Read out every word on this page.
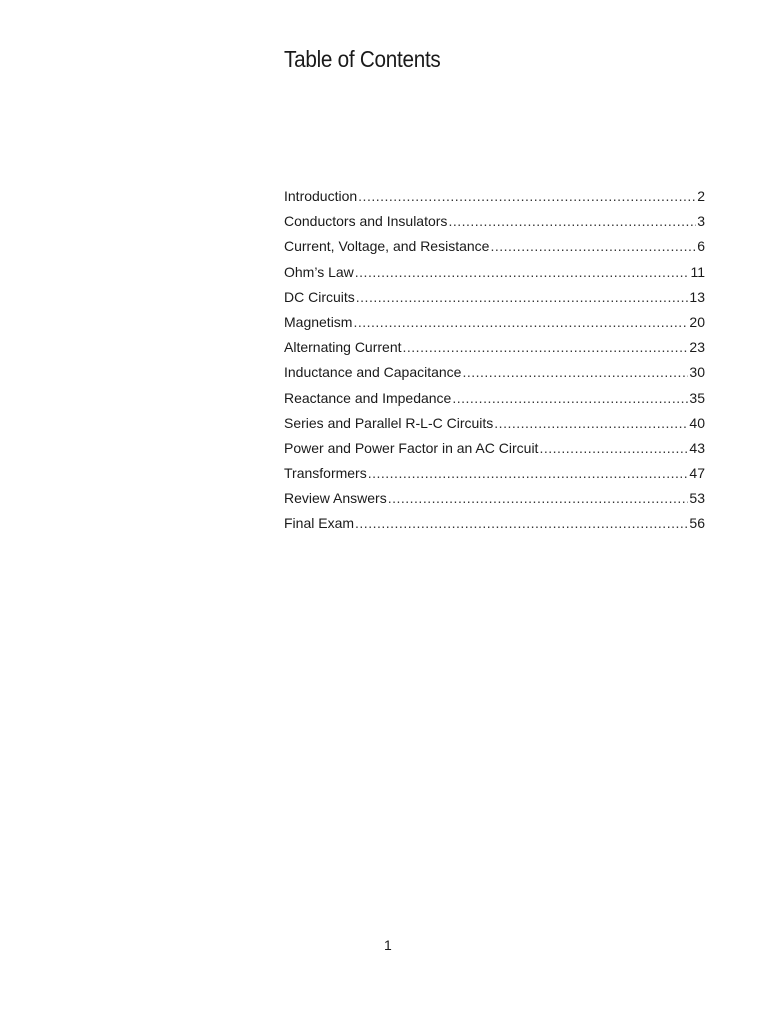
Table of Contents
Introduction .....	2
Conductors and Insulators .....	3
Current, Voltage, and Resistance .....	6
Ohm’s Law .....	11
DC Circuits .....	13
Magnetism .....	20
Alternating Current .....	23
Inductance and Capacitance .....	30
Reactance and Impedance .....	35
Series and Parallel R-L-C Circuits .....	40
Power and Power Factor in an AC Circuit .....	43
Transformers .....	47
Review Answers .....	53
Final Exam .....	56
1
